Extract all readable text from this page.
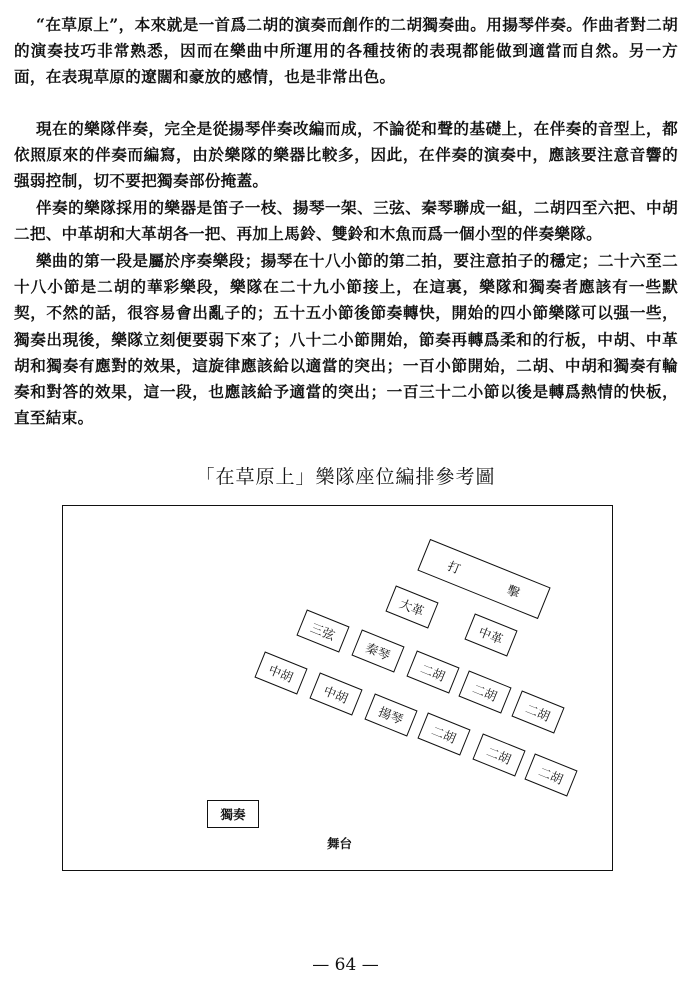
“在草原上”，本來就是一首爲二胡的演奏而創作的二胡獨奏曲。用揚琴伴奏。作曲者對二胡的演奏技巧非常熟悉，因而在樂曲中所運用的各種技術的表現都能做到適當而自然。另一方面，在表現草原的遼闊和豪放的感情，也是非常出色。
現在的樂隊伴奏，完全是從揚琴伴奏改編而成，不論從和聲的基礎上，在伴奏的音型上，都依照原來的伴奏而編寫，由於樂隊的樂器比較多，因此，在伴奏的演奏中，應該要注意音響的强弱控制，切不要把獨奏部份掩蓋。
伴奏的樂隊採用的樂器是笛子一枝、揚琴一架、三弦、秦琴聯成一組，二胡四至六把、中胡二把、中革胡和大革胡各一把、再加上馬鈴、雙鈴和木魚而爲一個小型的伴奏樂隊。
樂曲的第一段是屬於序奏樂段；揚琴在十八小節的第二拍，要注意拍子的穩定；二十六至二十八小節是二胡的華彩樂段，樂隊在二十九小節接上，在這裏，樂隊和獨奏者應該有一些默契，不然的話，很容易會出亂子的；五十五小節後節奏轉快，開始的四小節樂隊可以强一些，獨奏出現後，樂隊立刻便要弱下來了；八十二小節開始，節奏再轉爲柔和的行板，中胡、中革胡和獨奏有應對的效果，這旋律應該給以適當的突出；一百小節開始，二胡、中胡和獨奏有輪奏和對答的效果，這一段，也應該給予適當的突出；一百三十二小節以後是轉爲熱情的快板，直至結束。
「在草原上」樂隊座位編排參考圖
打
擊
大革
中革
三弦
秦琴
二胡
二胡
二胡
中胡
中胡
揚琴
二胡
二胡
二胡
獨奏
舞台
— 64 —
